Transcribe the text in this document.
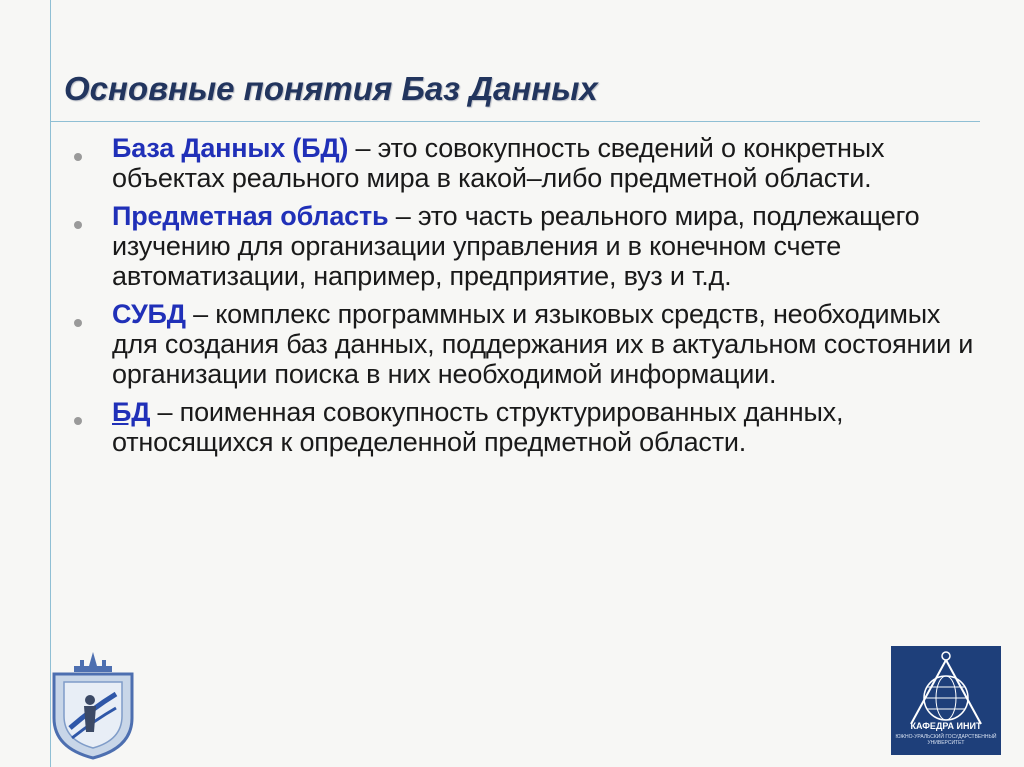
Основные понятия Баз Данных
База Данных (БД) – это совокупность сведений о конкретных объектах реального мира в какой–либо предметной области.
Предметная область – это часть реального мира, подлежащего изучению для организации управления и в конечном счете автоматизации, например, предприятие, вуз и т.д.
СУБД – комплекс программных и языковых средств, необходимых для создания баз данных, поддержания их в актуальном состоянии и организации поиска в них необходимой информации.
БД – поименная совокупность структурированных данных, относящихся к определенной предметной области.
КАФЕДРА ИНИТ
ЮЖНО-УРАЛЬСКИЙ ГОСУДАРСТВЕННЫЙ УНИВЕРСИТЕТ
